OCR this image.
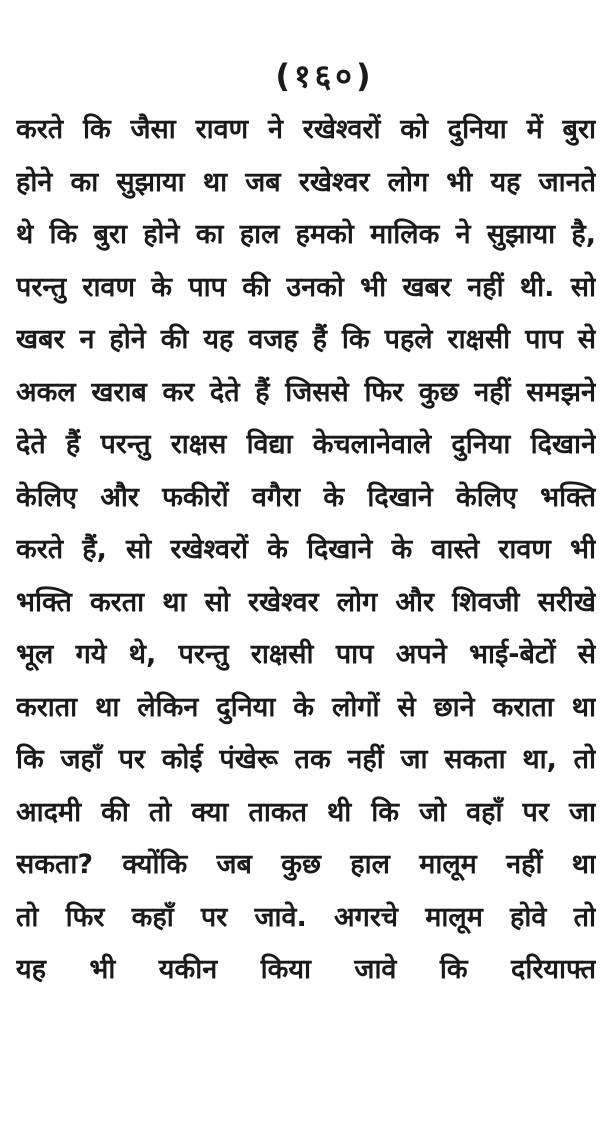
(१६०)
करते कि जैसा रावण ने रखेश्वरों को दुनिया में बुरा
होने का सुझाया था जब रखेश्वर लोग भी यह जानते
थे कि बुरा होने का हाल हमको मालिक ने सुझाया है,
परन्तु रावण के पाप की उनको भी खबर नहीं थी. सो
खबर न होने की यह वजह हैं कि पहले राक्षसी पाप से
अकल खराब कर देते हैं जिससे फिर कुछ नहीं समझने
देते हैं परन्तु राक्षस विद्या केचलानेवाले दुनिया दिखाने
केलिए और फकीरों वगैरा के दिखाने केलिए भक्ति
करते हैं, सो रखेश्वरों के दिखाने के वास्ते रावण भी
भक्ति करता था सो रखेश्वर लोग और शिवजी सरीखे
भूल गये थे, परन्तु राक्षसी पाप अपने भाई-बेटों से
कराता था लेकिन दुनिया के लोगों से छाने कराता था
कि जहाँ पर कोई पंखेरू तक नहीं जा सकता था, तो
आदमी की तो क्या ताकत थी कि जो वहाँ पर जा
सकता? क्योंकि जब कुछ हाल मालूम नहीं था
तो फिर कहाँ पर जावे. अगरचे मालूम होवे तो
यह भी यकीन किया जावे कि दरियाफ्त
